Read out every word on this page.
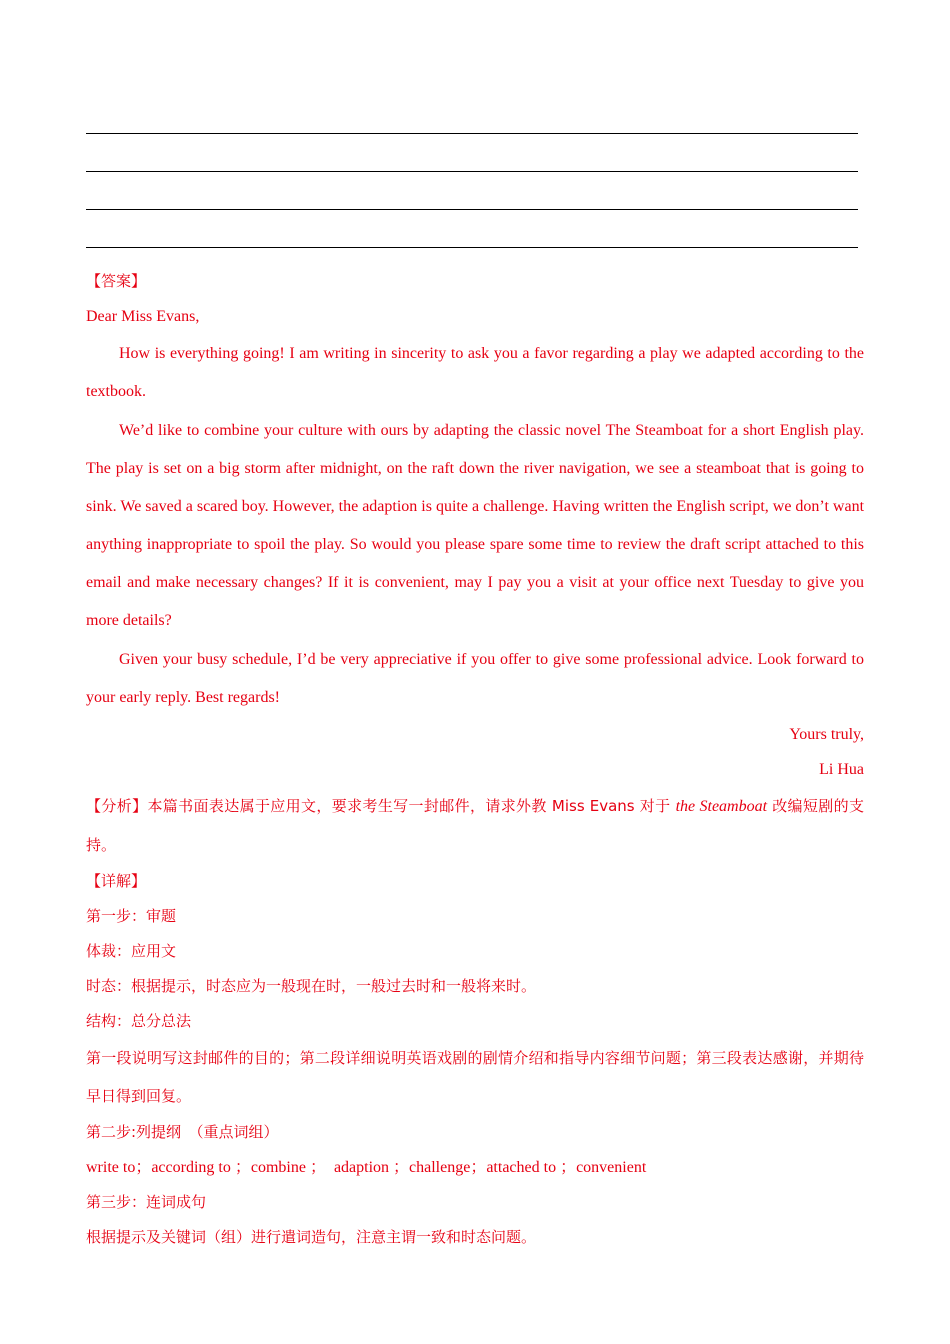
【答案】

Dear Miss Evans,

How is everything going! I am writing in sincerity to ask you a favor regarding a play we adapted according to the textbook.

We’d like to combine your culture with ours by adapting the classic novel The Steamboat for a short English play. The play is set on a big storm after midnight, on the raft down the river navigation, we see a steamboat that is going to sink. We saved a scared boy. However, the adaption is quite a challenge. Having written the English script, we don’t want anything inappropriate to spoil the play. So would you please spare some time to review the draft script attached to this email and make necessary changes? If it is convenient, may I pay you a visit at your office next Tuesday to give you more details?

Given your busy schedule, I’d be very appreciative if you offer to give some professional advice. Look forward to your early reply. Best regards!

Yours truly,

Li Hua

【分析】本篇书面表达属于应用文，要求考生写一封邮件，请求外教 Miss Evans 对于 the Steamboat 改编短剧的支持。

【详解】

第一步：审题

体裁：应用文

时态：根据提示，时态应为一般现在时，一般过去时和一般将来时。

结构：总分总法

第一段说明写这封邮件的目的；第二段详细说明英语戏剧的剧情介绍和指导内容细节问题；第三段表达感谢，并期待早日得到回复。

第二步:列提纲　（重点词组）

write to；according to ；combine ；　adaption ；challenge；attached to ；convenient

第三步：连词成句

根据提示及关键词（组）进行遣词造句，注意主谓一致和时态问题。
